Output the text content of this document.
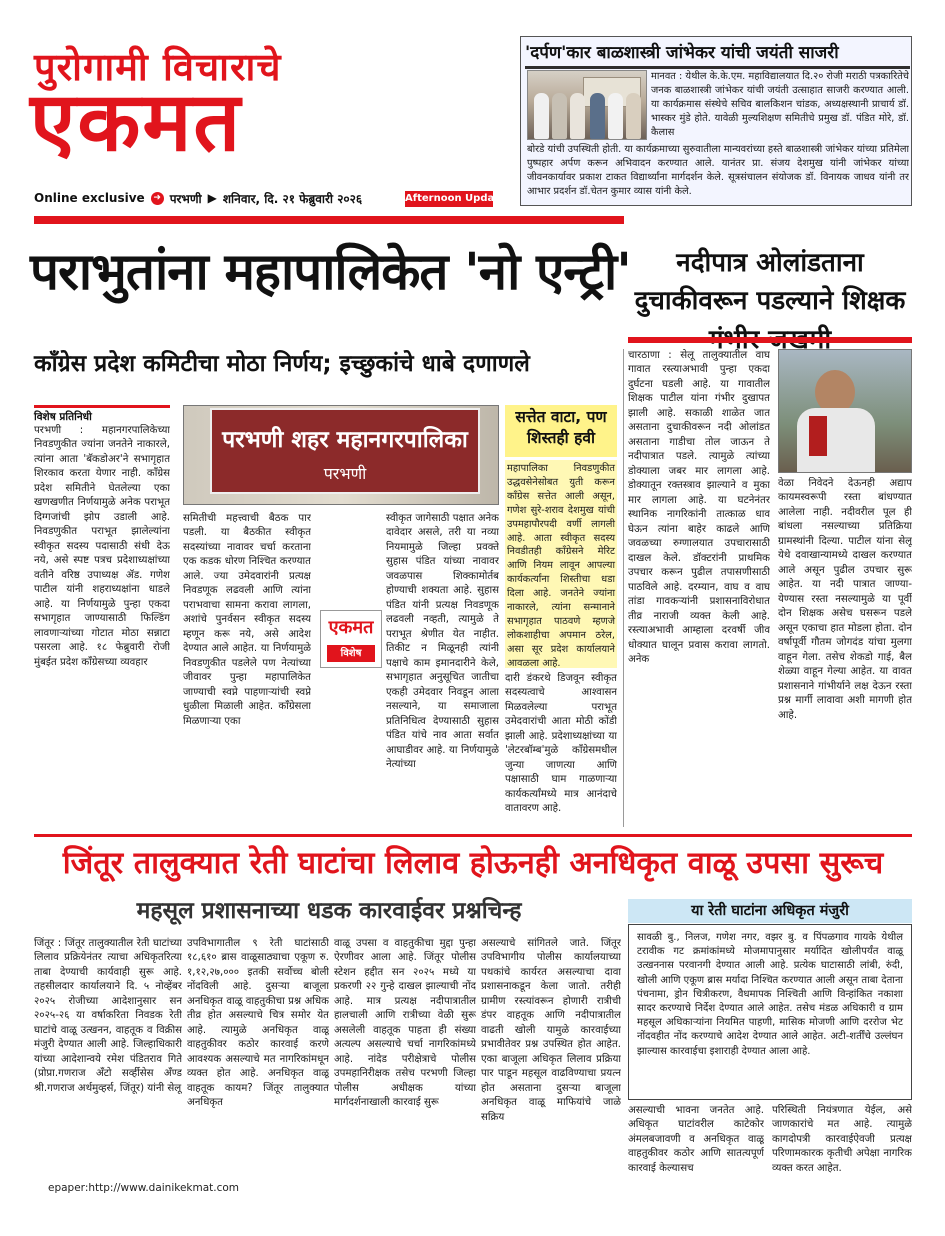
पुरोगामी विचाराचे
एकमत
Online exclusive ➜ परभणी ▶ शनिवार, दि. २१ फेब्रुवारी २०२६	Afternoon Update
'दर्पण'कार बाळशास्त्री जांभेकर यांची जयंती साजरी
मानवत : येथील के.के.एम. महाविद्यालयात दि.२० रोजी मराठी पत्रकारितेचे जनक बाळशास्त्री जांभेकर यांची जयंती उत्साहात साजरी करण्यात आली. या कार्यक्रमास संस्थेचे सचिव बालकिशन चांडक, अध्यक्षस्थानी प्राचार्य डॉ. भास्कर मुंडे होते. यावेळी मुल्यशिक्षण समितीचे प्रमुख डॉ. पंडित मोरे, डॉ. कैलास
बोरडे यांची उपस्थिती होती. या कार्यक्रमाच्या सुरुवातीला मान्यवरांच्या हस्ते बाळशास्त्री जांभेकर यांच्या प्रतिमेला पुष्पहार अर्पण करून अभिवादन करण्यात आले. यानंतर प्रा. संजय देशमुख यांनी जांभेकर यांच्या जीवनकार्यावर प्रकाश टाकत विद्यार्थ्यांना मार्गदर्शन केले. सूत्रसंचालन संयोजक डॉ. विनायक जाधव यांनी तर आभार प्रदर्शन डॉ.चेतन कुमार व्यास यांनी केले.
पराभुतांना महापालिकेत 'नो एन्ट्री'
काँग्रेस प्रदेश कमिटीचा मोठा निर्णय; इच्छुकांचे धाबे दणाणले
विशेष प्रतिनिधी
परभणी : महानगरपालिकेच्या निवडणुकीत ज्यांना जनतेने नाकारले, त्यांना आता 'बॅकडोअर'ने सभागृहात शिरकाव करता येणार नाही. काँग्रेस प्रदेश समितीने घेतलेल्या एका खणखणीत निर्णयामुळे अनेक पराभूत दिग्गजांची झोप उडाली आहे. निवडणुकीत पराभूत झालेल्यांना स्वीकृत सदस्य पदासाठी संधी देऊ नये, असे स्पष्ट पत्रच प्रदेशाध्यक्षांच्या वतीने वरिष्ठ उपाध्यक्ष ॲड. गणेश पाटील यांनी शहराध्यक्षांना धाडले आहे. या निर्णयामुळे पुन्हा एकदा सभागृहात जाण्यासाठी फिल्डिंग लावणाऱ्यांच्या गोटात मोठा सन्नाटा पसरला आहे. १८ फेब्रुवारी रोजी मुंबईत प्रदेश काँग्रेसच्या व्यवहार
परभणी शहर महानगरपालिका
परभणी
समितीची महत्त्वाची बैठक पार पडली. या बैठकीत स्वीकृत सदस्यांच्या नावावर चर्चा करताना एक कडक धोरण निश्चित करण्यात आले. ज्या उमेदवारांनी प्रत्यक्ष निवडणूक लढवली आणि त्यांना पराभवाचा सामना करावा लागला, अशांचे पुनर्वसन स्वीकृत सदस्य म्हणून करू नये, असे आदेश देण्यात आले आहेत. या निर्णयामुळे निवडणुकीत पडलेले पण नेत्यांच्या जीवावर पुन्हा महापालिकेत जाण्याची स्वप्ने पाहणाऱ्यांची स्वप्ने धुळीला मिळाली आहेत. काँग्रेसला मिळणाऱ्या एका
स्वीकृत जागेसाठी पक्षात अनेक दावेदार असले, तरी या नव्या नियमामुळे जिल्हा प्रवक्ते सुहास पंडित यांच्या नावावर जवळपास शिक्कामोर्तब होण्याची शक्यता आहे. सुहास पंडित यांनी प्रत्यक्ष निवडणूक लढवली नव्हती, त्यामुळे ते पराभूत श्रेणीत येत नाहीत. तिकीट न मिळूनही त्यांनी पक्षाचे काम इमानदारीने केले, सभागृहात अनुसूचित जातीचा एकही उमेदवार निवडून आला नसल्याने, या समाजाला प्रतिनिधित्व देण्यासाठी सुहास पंडित यांचे नाव आता सर्वात आघाडीवर आहे. या निर्णयामुळे नेत्यांच्या
एकमत
विशेष
सत्तेत वाटा, पण शिस्तही हवी
महापालिका निवडणुकीत उद्धवसेनेसोबत युती करून काँग्रेस सत्तेत आली असून, गणेश सुरे-शराव देशमुख यांची उपमहापौरपदी वर्णी लागली आहे. आता स्वीकृत सदस्य निवडीतही काँग्रेसने मेरिट आणि नियम लावून आपल्या कार्यकर्त्यांना शिस्तीचा धडा दिला आहे. जनतेने ज्यांना नाकारले, त्यांना सन्मानाने सभागृहात पाठवणे म्हणजे लोकशाहीचा अपमान ठरेल, असा सूर प्रदेश कार्यालयाने आवळला आहे.
दारी डंकरथे डिजवून स्वीकृत सदस्यत्वाचे आश्वासन मिळवलेल्या पराभूत उमेदवारांची आता मोठी कोंडी झाली आहे. प्रदेशाध्यक्षांच्या या 'लेटरबॉम्ब'मुळे काँग्रेसमधील जुन्या जाणत्या आणि पक्षासाठी घाम गाळणाऱ्या कार्यकर्त्यांमध्ये मात्र आनंदाचे वातावरण आहे.
नदीपात्र ओलांडताना दुचाकीवरून पडल्याने शिक्षक
चारठाणा : सेलू तालुक्यातील वाघ गावात रस्त्याअभावी पुन्हा एकदा दुर्घटना घडली आहे. या गावातील शिक्षक पाटील यांना गंभीर दुखापत झाली आहे. सकाळी शाळेत जात असताना दुचाकीवरून नदी ओलांडत असताना गाडीचा तोल जाऊन ते नदीपात्रात पडले. त्यामुळे त्यांच्या डोक्याला जबर मार लागला आहे. डोक्यातून रक्तस्त्राव झाल्याने व मुका मार लागला आहे. या घटनेनंतर स्थानिक नागरिकांनी तात्काळ धाव घेऊन त्यांना बाहेर काढले आणि जवळच्या रुग्णालयात उपचारासाठी दाखल केले. डॉक्टरांनी प्राथमिक उपचार करून पुढील तपासणीसाठी पाठविले आहे. दरम्यान, वाघ व वाघ तांडा गावकऱ्यांनी प्रशासनाविरोधात तीव्र नाराजी व्यक्त केली आहे. रस्त्याअभावी आम्हाला दरवर्षी जीव धोक्यात घालून प्रवास करावा लागतो. अनेक
वेळा निवेदने देऊनही अद्याप कायमस्वरूपी रस्ता बांधण्यात आलेला नाही. नदीवरील पूल ही बांधला नसल्याच्या प्रतिक्रिया ग्रामस्थांनी दिल्या. पाटील यांना सेलू येथे दवाखान्यामध्ये दाखल करण्यात आले असून पुढील उपचार सुरू आहेत. या नदी पात्रात जाण्या-येण्यास रस्ता नसल्यामुळे या पूर्वी दोन शिक्षक असेच घसरून पडले असून एकाचा हात मोडला होता. दोन वर्षापूर्वी गौतम जोगदंड यांचा मुलगा वाहून गेला. तसेच शेकडो गाई, बैल शेळ्या वाहून गेल्या आहेत. या वावत प्रशासनाने गांभीर्याने लक्ष देऊन रस्ता प्रश्न मार्गी लावावा अशी मागणी होत आहे.
जिंतूर तालुक्यात रेती घाटांचा लिलाव होऊनही अनधिकृत वाळू उपसा सुरूच
महसूल प्रशासनाच्या धडक कारवाईवर प्रश्नचिन्ह
जिंतूर : जिंतूर तालुक्यातील रेती घाटांच्या लिलाव प्रक्रियेनंतर त्याचा अधिकृतरित्या ताबा देण्याची कार्यवाही सुरू आहे. तहसीलदार कार्यालयाने दि. ५ नोव्हेंबर २०२५ रोजीच्या आदेशानुसार सन २०२५-२६ या वर्षाकरिता निवडक रेती घाटांचे वाळू उत्खनन, वाहतूक व विक्रीस मंजुरी देण्यात आली आहे. जिल्हाधिकारी यांच्या आदेशान्वये रमेश पंडितराव गिते (प्रोप्रा.गणराज अँटो सर्व्हीसेस अँण्ड श्री.गणराज अर्थमुव्हर्स, जिंतूर) यांनी सेलू
उपविभागातील ९ रेती घाटांसाठी १८,६१० ब्रास वाळूसाठ्याचा एकूण रु. १,१२,२७,००० इतकी सर्वोच्च बोली नोंदविली आहे. दुसऱ्या बाजूला अनधिकृत वाळू वाहतुकीचा प्रश्न अधिक तीव्र होत असल्याचे चित्र समोर येत आहे. त्यामुळे अनधिकृत वाळू वाहतुकीवर कठोर कारवाई करणे आवश्यक असल्याचे मत नागरिकांमधून व्यक्त होत आहे. अनधिकृत वाळू वाहतूक कायम? जिंतूर तालुक्यात अनधिकृत
वाळू उपसा व वाहतुकीचा मुद्दा पुन्हा ऐरणीवर आला आहे. जिंतूर पोलीस स्टेशन हद्दीत सन २०२५ मध्ये या प्रकरणी २२ गुन्हे दाखल झाल्याची नोंद आहे. मात्र प्रत्यक्ष नदीपात्रातील हालचाली आणि रात्रीच्या वेळी सुरू असलेली वाहतूक पाहता ही संख्या अत्यल्प असल्याचे चर्चा नागरिकांमध्ये आहे. नांदेड परीक्षेत्राचे पोलीस उपमहानिरीक्षक तसेच परभणी जिल्हा पोलीस अधीक्षक यांच्या मार्गदर्शनाखाली कारवाई सुरू
असल्याचे सांगितले जाते. जिंतूर उपविभागीय पोलीस कार्यालयाच्या पथकांचे कार्यरत असल्याचा दावा प्रशासनाकडून केला जातो. तरीही ग्रामीण रस्त्यांवरून होणारी रात्रीची डंपर वाहतूक आणि नदीपात्रातील वाढती खोली यामुळे कारवाईच्या प्रभावीतेवर प्रश्न उपस्थित होत आहेत. एका बाजूला अधिकृत लिलाव प्रक्रिया पार पाडून महसूल वाढविण्याचा प्रयत्न होत असताना दुसऱ्या बाजूला अनधिकृत वाळू माफियांचे जाळे सक्रिय
या रेती घाटांना अधिकृत मंजुरी
सावळी बु., निलज, गणेश नगर, वझर बु. व पिंपळगाव गायके येथील टरावीक गट क्रमांकांमध्ये मोजमापानुसार मर्यादित खोलीपर्यंत वाळू उत्खननास परवानगी देण्यात आली आहे. प्रत्येक घाटासाठी लांबी, रुंदी, खोली आणि एकूण ब्रास मर्यादा निश्चित करण्यात आली असून ताबा देताना पंचनामा, ड्रोन चित्रीकरण, वैधमापक निश्चिती आणि विन्हांकित नकाशा सादर करण्याचे निर्देश देण्यात आले आहेत. तसेच मंडळ अधिकारी व ग्राम महसूल अधिकाऱ्यांना नियमित पाहणी, मासिक मोजणी आणि दररोज भेट नोंदवहीत नोंद करण्याचे आदेश देण्यात आले आहेत. अटी-शर्तींचे उल्लंघन झाल्यास कारवाईचा इशाराही देण्यात आला आहे.
असल्याची भावना जनतेत आहे. अधिकृत घाटांवरील काटेकोर अंमलबजावणी व अनधिकृत वाळू वाहतुकीवर कठोर आणि सातत्यपूर्ण कारवाई केल्यासच
परिस्थिती नियंत्रणात येईल, असे जाणकारांचे मत आहे. त्यामुळे कागदोपत्री कारवाईऐवजी प्रत्यक्ष परिणामकारक कृतीची अपेक्षा नागरिक व्यक्त करत आहेत.
epaper:http://www.dainikekmat.com
